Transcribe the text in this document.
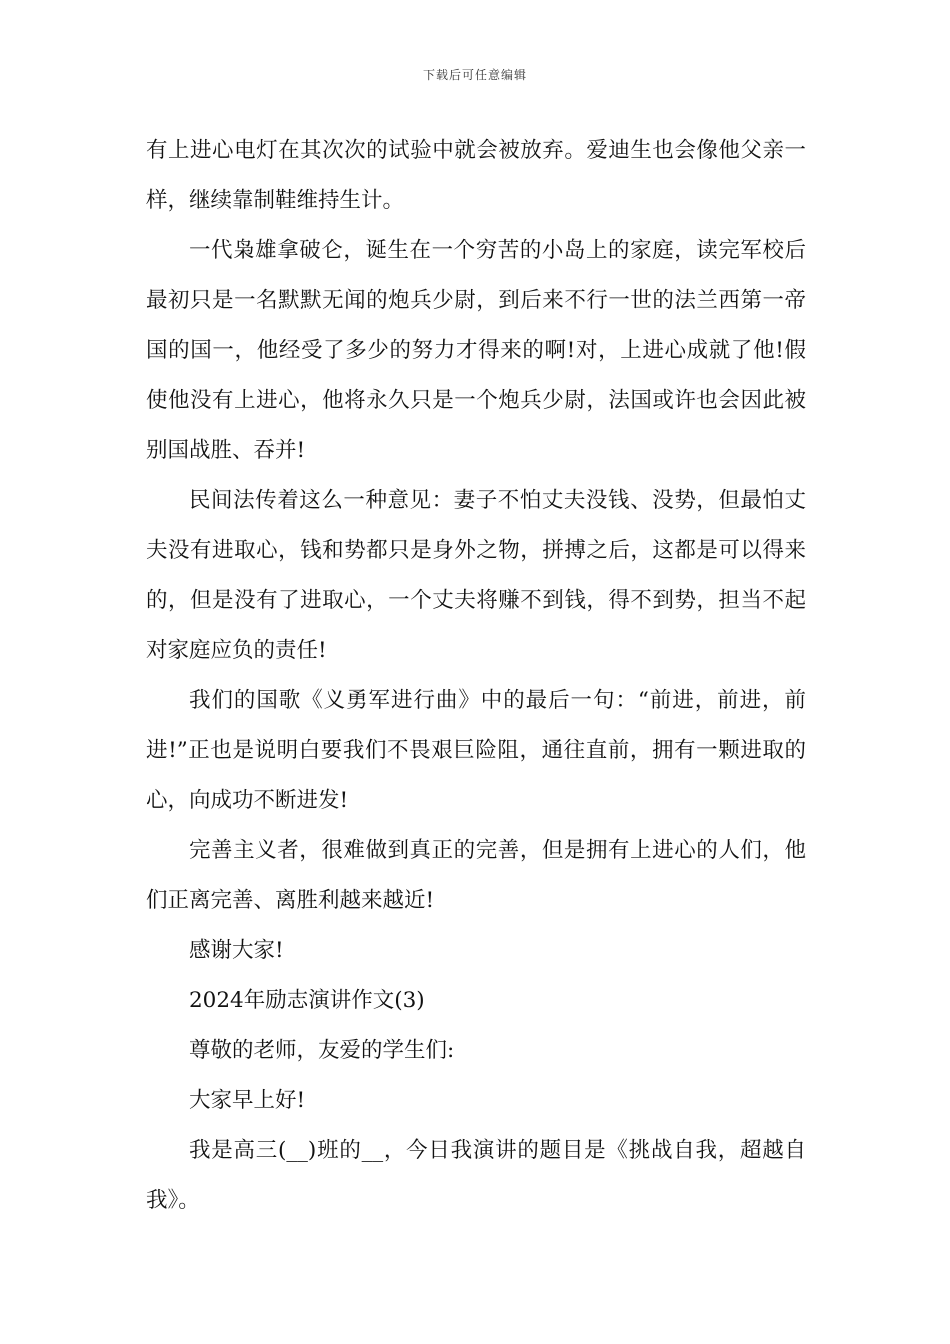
下载后可任意编辑

有上进心电灯在其次次的试验中就会被放弃。爱迪生也会像他父亲一样，继续靠制鞋维持生计。

一代枭雄拿破仑，诞生在一个穷苦的小岛上的家庭，读完军校后最初只是一名默默无闻的炮兵少尉，到后来不行一世的法兰西第一帝国的国一，他经受了多少的努力才得来的啊!对，上进心成就了他!假使他没有上进心，他将永久只是一个炮兵少尉，法国或许也会因此被别国战胜、吞并!

民间法传着这么一种意见：妻子不怕丈夫没钱、没势，但最怕丈夫没有进取心，钱和势都只是身外之物，拼搏之后，这都是可以得来的，但是没有了进取心，一个丈夫将赚不到钱，得不到势，担当不起对家庭应负的责任!

我们的国歌《义勇军进行曲》中的最后一句：“前进，前进，前进!”正也是说明白要我们不畏艰巨险阻，通往直前，拥有一颗进取的心，向成功不断进发!

完善主义者，很难做到真正的完善，但是拥有上进心的人们，他们正离完善、离胜利越来越近!

感谢大家!

2024年励志演讲作文(3)

尊敬的老师，友爱的学生们:

大家早上好!

我是高三(__)班的__，今日我演讲的题目是《挑战自我，超越自我》。
